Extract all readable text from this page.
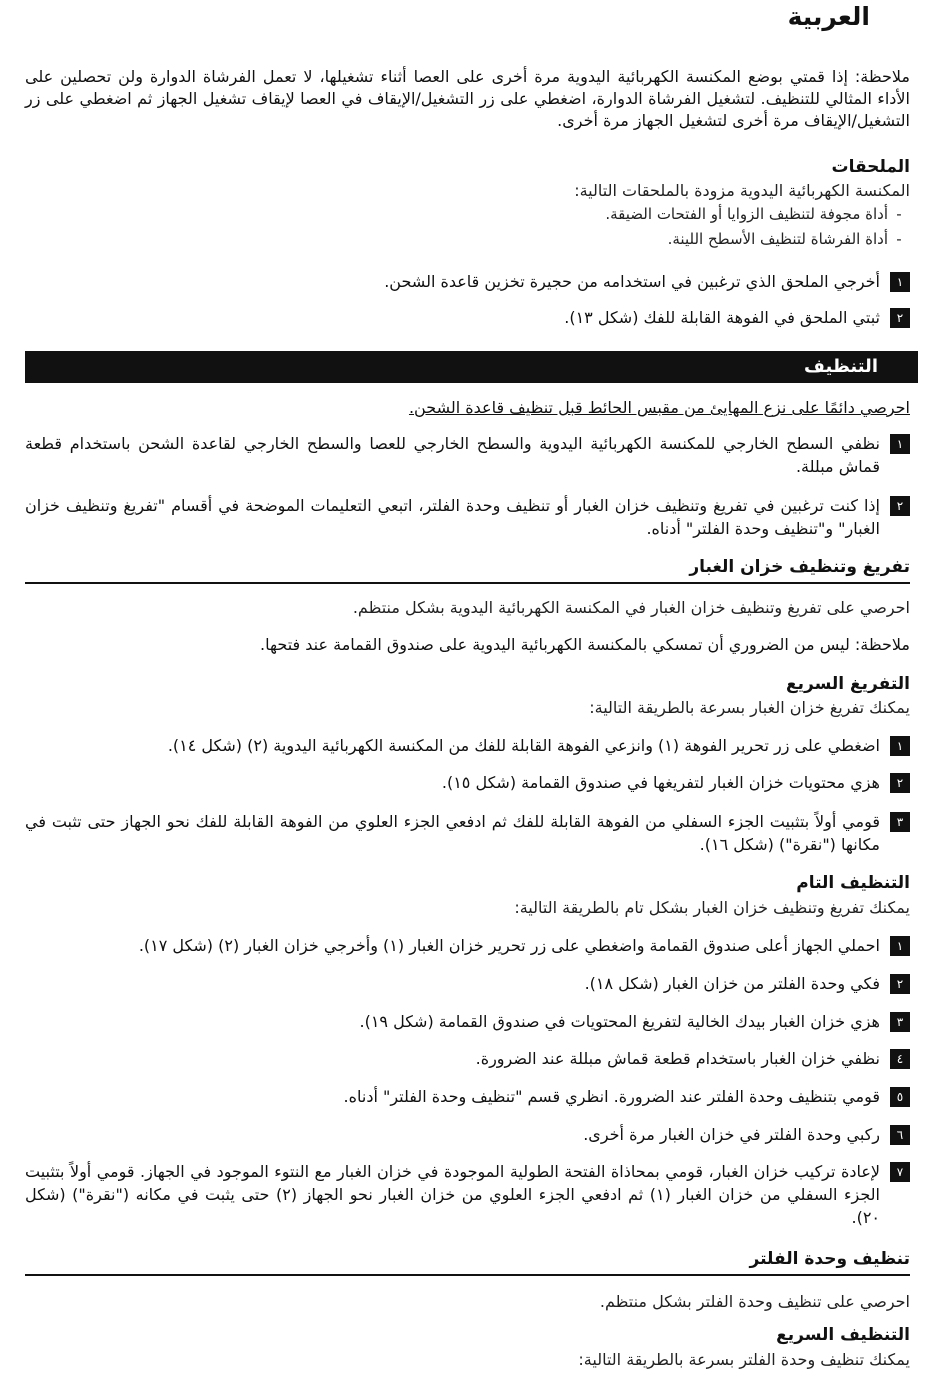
العربية
ملاحظة: إذا قمتي بوضع المكنسة الكهربائية اليدوية مرة أخرى على العصا أثناء تشغيلها، لا تعمل الفرشاة الدوارة ولن تحصلين على الأداء المثالي للتنظيف. لتشغيل الفرشاة الدوارة، اضغطي على زر التشغيل/الإيقاف في العصا لإيقاف تشغيل الجهاز ثم اضغطي على زر التشغيل/الإيقاف مرة أخرى لتشغيل الجهاز مرة أخرى.
الملحقات
المكنسة الكهربائية اليدوية مزودة بالملحقات التالية:
- أداة مجوفة لتنظيف الزوايا أو الفتحات الضيقة.
- أداة الفرشاة لتنظيف الأسطح اللينة.
١
أخرجي الملحق الذي ترغبين في استخدامه من حجيرة تخزين قاعدة الشحن.
٢
ثبتي الملحق في الفوهة القابلة للفك (شكل ١٣).
التنظيف
احرصي دائمًا على نزع المهايئ من مقبس الحائط قبل تنظيف قاعدة الشحن.
١
نظفي السطح الخارجي للمكنسة الكهربائية اليدوية والسطح الخارجي للعصا والسطح الخارجي لقاعدة الشحن باستخدام قطعة قماش مبللة.
٢
إذا كنت ترغبين في تفريغ وتنظيف خزان الغبار أو تنظيف وحدة الفلتر، اتبعي التعليمات الموضحة في أقسام "تفريغ وتنظيف خزان الغبار" و"تنظيف وحدة الفلتر" أدناه.
تفريغ وتنظيف خزان الغبار
احرصي على تفريغ وتنظيف خزان الغبار في المكنسة الكهربائية اليدوية بشكل منتظم.
ملاحظة: ليس من الضروري أن تمسكي بالمكنسة الكهربائية اليدوية على صندوق القمامة عند فتحها.
التفريغ السريع
يمكنك تفريغ خزان الغبار بسرعة بالطريقة التالية:
١
اضغطي على زر تحرير الفوهة (١) وانزعي الفوهة القابلة للفك من المكنسة الكهربائية اليدوية (٢) (شكل ١٤).
٢
هزي محتويات خزان الغبار لتفريغها في صندوق القمامة (شكل ١٥).
٣
قومي أولاً بتثبيت الجزء السفلي من الفوهة القابلة للفك ثم ادفعي الجزء العلوي من الفوهة القابلة للفك نحو الجهاز حتى تثبت في مكانها ("نقرة") (شكل ١٦).
التنظيف التام
يمكنك تفريغ وتنظيف خزان الغبار بشكل تام بالطريقة التالية:
١
احملي الجهاز أعلى صندوق القمامة واضغطي على زر تحرير خزان الغبار (١) وأخرجي خزان الغبار (٢) (شكل ١٧).
٢
فكي وحدة الفلتر من خزان الغبار (شكل ١٨).
٣
هزي خزان الغبار بيدك الخالية لتفريغ المحتويات في صندوق القمامة (شكل ١٩).
٤
نظفي خزان الغبار باستخدام قطعة قماش مبللة عند الضرورة.
٥
قومي بتنظيف وحدة الفلتر عند الضرورة. انظري قسم "تنظيف وحدة الفلتر" أدناه.
٦
ركبي وحدة الفلتر في خزان الغبار مرة أخرى.
٧
لإعادة تركيب خزان الغبار، قومي بمحاذاة الفتحة الطولية الموجودة في خزان الغبار مع النتوء الموجود في الجهاز. قومي أولاً بتثبيت الجزء السفلي من خزان الغبار (١) ثم ادفعي الجزء العلوي من خزان الغبار نحو الجهاز (٢) حتى يثبت في مكانه ("نقرة") (شكل ٢٠).
تنظيف وحدة الفلتر
احرصي على تنظيف وحدة الفلتر بشكل منتظم.
التنظيف السريع
يمكنك تنظيف وحدة الفلتر بسرعة بالطريقة التالية:
